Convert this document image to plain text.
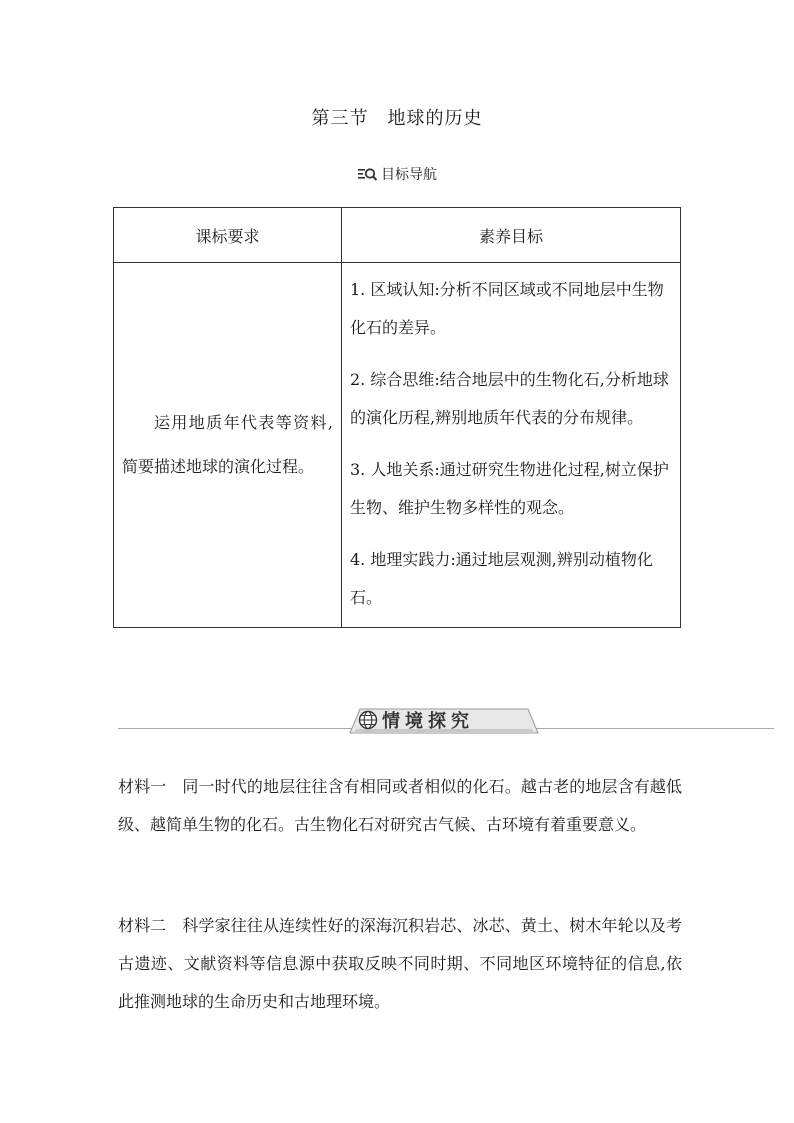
第三节　地球的历史
目标导航
课标要求	素养目标

运用地质年代表等资料,简要描述地球的演化过程。	1. 区域认知:分析不同区域或不同地层中生物化石的差异。
2. 综合思维:结合地层中的生物化石,分析地球的演化历程,辨别地质年代表的分布规律。
3. 人地关系:通过研究生物进化过程,树立保护生物、维护生物多样性的观念。
4. 地理实践力:通过地层观测,辨别动植物化石。
情境探究
材料一 同一时代的地层往往含有相同或者相似的化石。越古老的地层含有越低级、越简单生物的化石。古生物化石对研究古气候、古环境有着重要意义。
材料二 科学家往往从连续性好的深海沉积岩芯、冰芯、黄土、树木年轮以及考古遗迹、文献资料等信息源中获取反映不同时期、不同地区环境特征的信息,依此推测地球的生命历史和古地理环境。
